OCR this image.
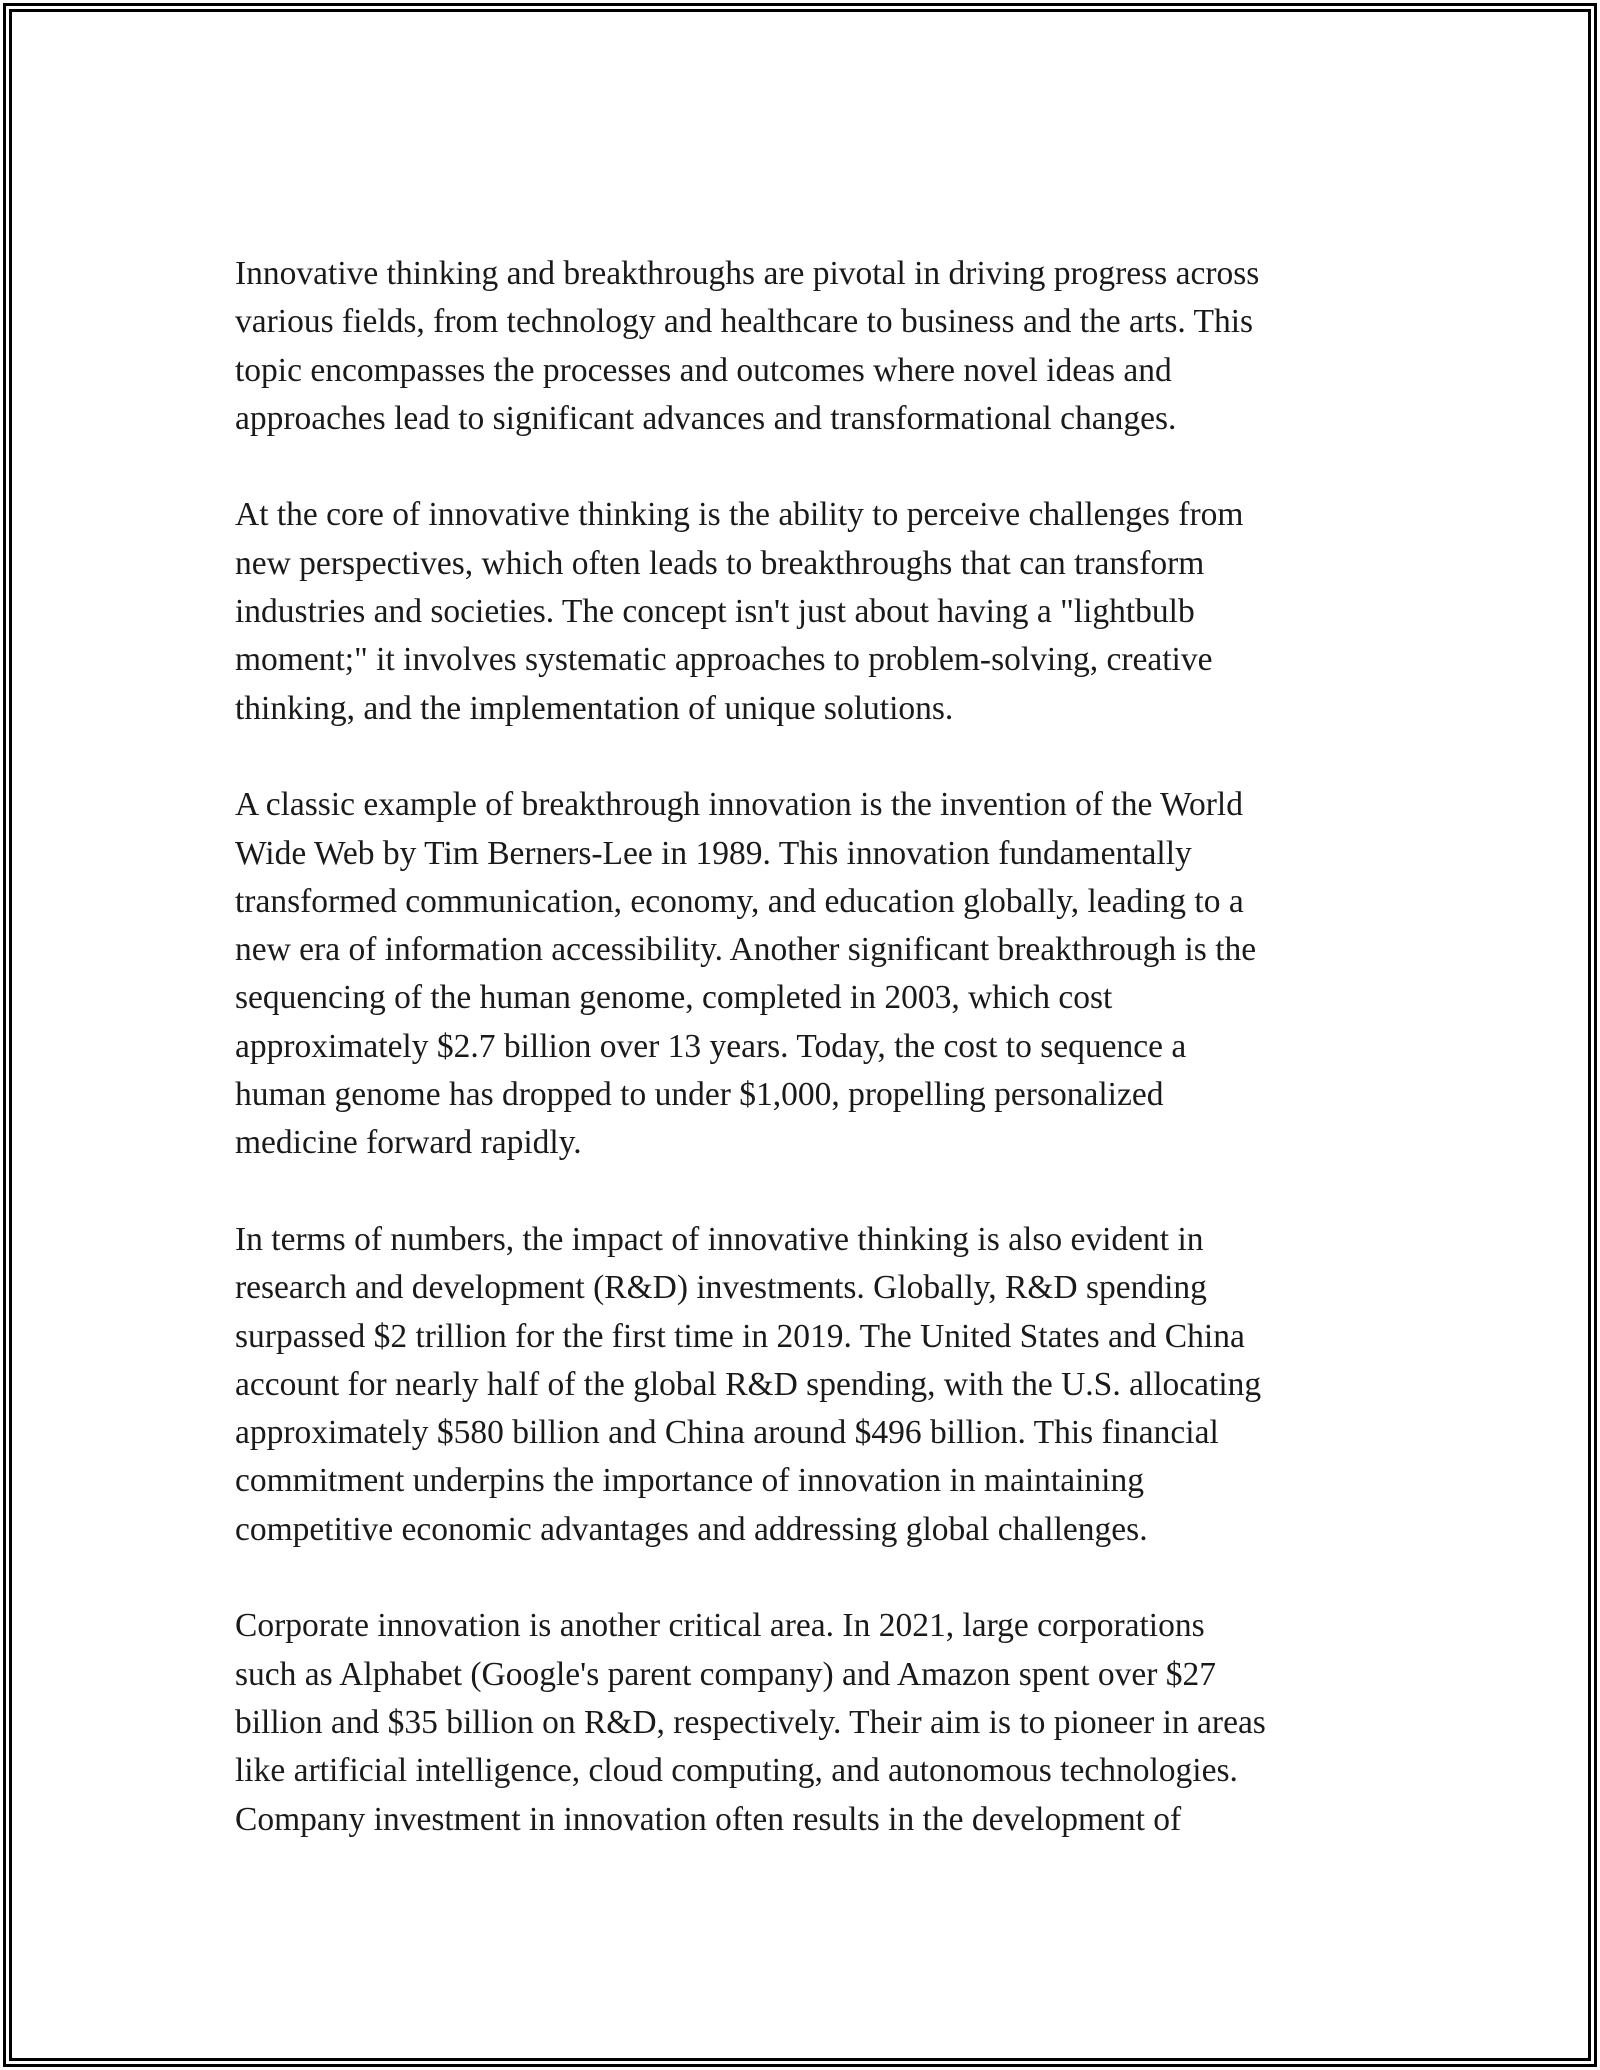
Innovative thinking and breakthroughs are pivotal in driving progress across
various fields, from technology and healthcare to business and the arts. This
topic encompasses the processes and outcomes where novel ideas and
approaches lead to significant advances and transformational changes.

At the core of innovative thinking is the ability to perceive challenges from
new perspectives, which often leads to breakthroughs that can transform
industries and societies. The concept isn't just about having a "lightbulb
moment;" it involves systematic approaches to problem-solving, creative
thinking, and the implementation of unique solutions.

A classic example of breakthrough innovation is the invention of the World
Wide Web by Tim Berners-Lee in 1989. This innovation fundamentally
transformed communication, economy, and education globally, leading to a
new era of information accessibility. Another significant breakthrough is the
sequencing of the human genome, completed in 2003, which cost
approximately $2.7 billion over 13 years. Today, the cost to sequence a
human genome has dropped to under $1,000, propelling personalized
medicine forward rapidly.

In terms of numbers, the impact of innovative thinking is also evident in
research and development (R&D) investments. Globally, R&D spending
surpassed $2 trillion for the first time in 2019. The United States and China
account for nearly half of the global R&D spending, with the U.S. allocating
approximately $580 billion and China around $496 billion. This financial
commitment underpins the importance of innovation in maintaining
competitive economic advantages and addressing global challenges.

Corporate innovation is another critical area. In 2021, large corporations
such as Alphabet (Google's parent company) and Amazon spent over $27
billion and $35 billion on R&D, respectively. Their aim is to pioneer in areas
like artificial intelligence, cloud computing, and autonomous technologies.
Company investment in innovation often results in the development of
